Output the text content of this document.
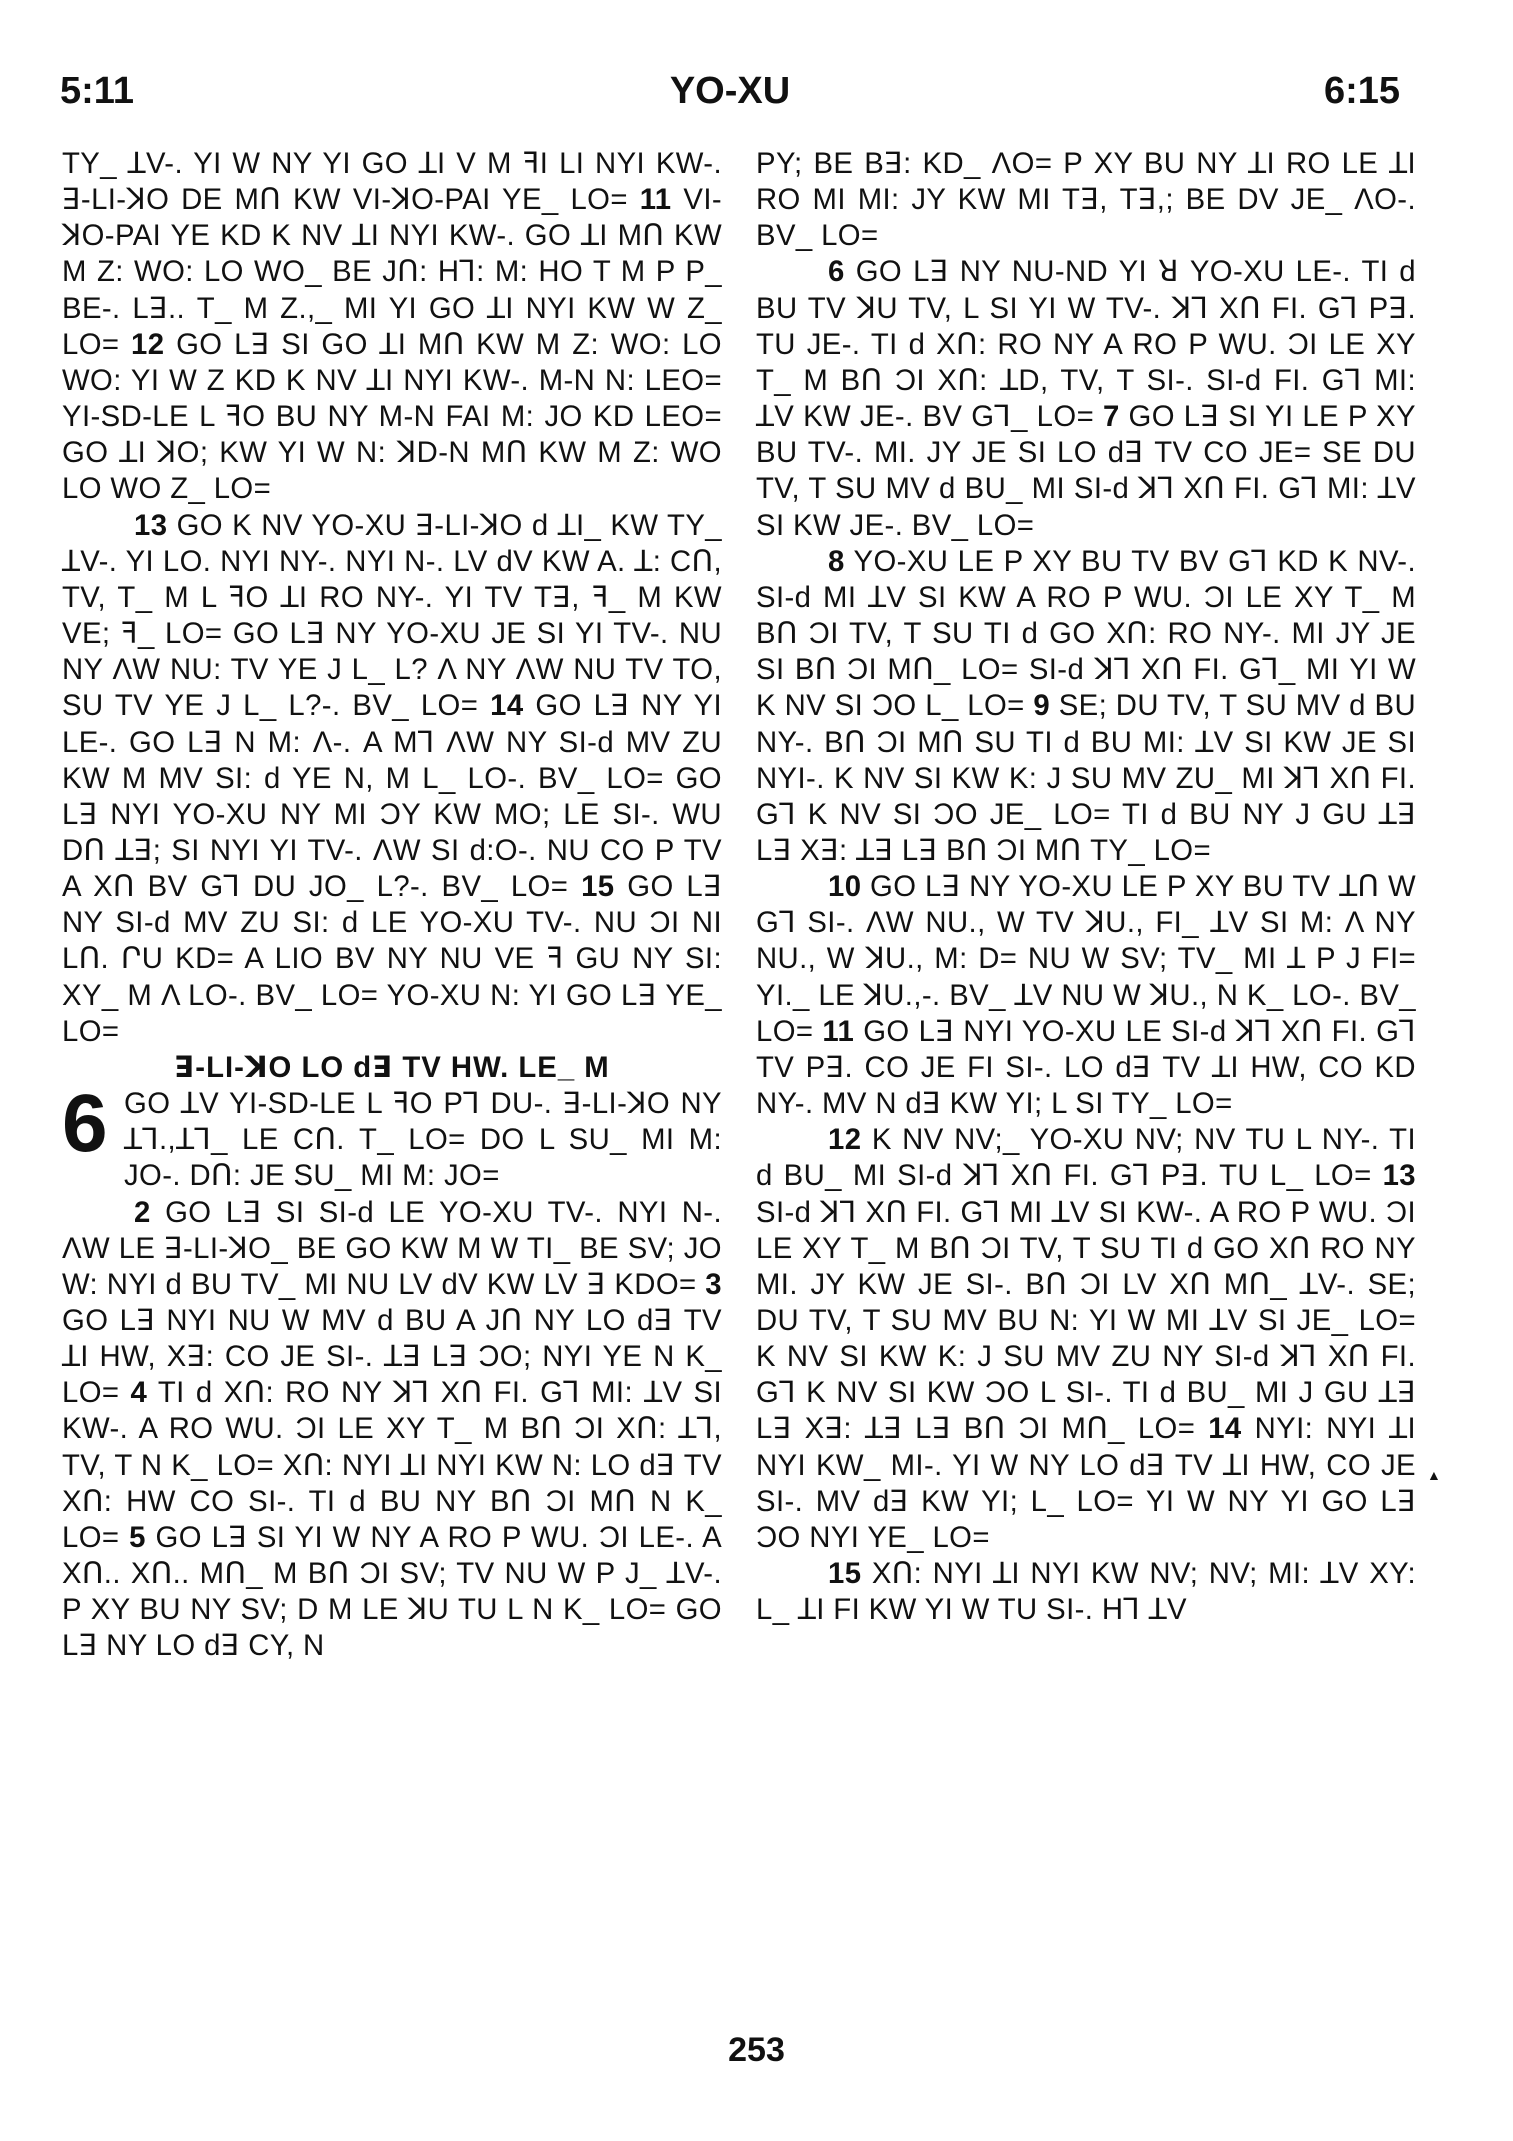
5:11	YO-XU	6:15

TY_ ꓕV-. YI W NY YI GO ꓕI V M ꟻI LI NYI KW-. ꓱ-LI-ꓘO DE MՈ KW VI-ꓘO-PAI YE_ LO= 11 VI-ꓘO-PAI YE KD K NV ꓕI NYI KW-. GO ꓕI MՈ KW M Z: WO: LO WO_ BE JՈ: Hꓶ: M: HO T M P P_ BE-. Lꓱ.. T_ M Z.,_ MI YI GO ꓕI NYI KW W Z_ LO= 12 GO Lꓱ SI GO ꓕI MՈ KW M Z: WO: LO WO: YI W Z KD K NV ꓕI NYI KW-. M-N N: LEO= YI-SD-LE L ꟻO BU NY M-N FAI M: JO KD LEO= GO ꓕI ꓘO; KW YI W N: ꓘD-N MՈ KW M Z: WO LO WO Z_ LO=

13 GO K NV YO-XU ꓱ-LI-ꓘO d ꓕI_ KW TY_ ꓕV-. YI LO. NYI NY-. NYI N-. LV dV KW A. ꓕ: CՈ, TV, T_ M L ꟻO ꓕI RO NY-. YI TV Tꓱ, ꟻ_ M KW VE; ꟻ_ LO= GO Lꓱ NY YO-XU JE SI YI TV-. NU NY ΛW NU: TV YE J L_ L? Λ NY ΛW NU TV TO, SU TV YE J L_ L?-. BV_ LO= 14 GO Lꓱ NY YI LE-. GO Lꓱ N M: Λ-. A Mꓶ ΛW NY SI-d MV ZU KW M MV SI: d YE N, M L_ LO-. BV_ LO= GO Lꓱ NYI YO-XU NY MI ƆY KW MO; LE SI-. WU DՈ ꓕꓱ; SI NYI YI TV-. ΛW SI d:O-. NU CO P TV A XՈ BV Gꓶ DU JO_ L?-. BV_ LO= 15 GO Lꓱ NY SI-d MV ZU SI: d LE YO-XU TV-. NU ƆI NI LՈ. ՐU KD= A LIO BV NY NU VE ꟻ GU NY SI: XY_ M Λ LO-. BV_ LO= YO-XU N: YI GO Lꓱ YE_ LO=

ꓱ-LI-ꓘO LO dꓱ TV HW. LE_ M

6 GO ꓕV YI-SD-LE L ꟻO Pꓶ DU-. ꓱ-LI-ꓘO NY ꓕꓶ.,ꓕꓶ_ LE CՈ. T_ LO= DO L SU_ MI M: JO-. DՈ: JE SU_ MI M: JO=

2 GO Lꓱ SI SI-d LE YO-XU TV-. NYI N-. ΛW LE ꓱ-LI-ꓘO_ BE GO KW M W TI_ BE SV; JO W: NYI d BU TV_ MI NU LV dV KW LV ꓱ KDO= 3 GO Lꓱ NYI NU W MV d BU A JՈ NY LO dꓱ TV ꓕI HW, Xꓱ: CO JE SI-. ꓕꓱ Lꓱ ƆO; NYI YE N K_ LO= 4 TI d XՈ: RO NY ꓘꓶ XՈ FI. Gꓶ MI: ꓕV SI KW-. A RO WU. ƆI LE XY T_ M BՈ ƆI XՈ: ꓕꓶ, TV, T N K_ LO= XՈ: NYI ꓕI NYI KW N: LO dꓱ TV XՈ: HW CO SI-. TI d BU NY BՈ ƆI MՈ N K_ LO= 5 GO Lꓱ SI YI W NY A RO P WU. ƆI LE-. A XՈ.. XՈ.. MՈ_ M BՈ ƆI SV; TV NU W P J_ ꓕV-. P XY BU NY SV; D M LE ꓘU TU L N K_ LO= GO Lꓱ NY LO dꓱ CY, N

PY; BE Bꓱ: KD_ ΛO= P XY BU NY ꓕI RO LE ꓕI RO MI MI: JY KW MI Tꓱ, Tꓱ,; BE DV JE_ ΛO-. BV_ LO=

6 GO Lꓱ NY NU-ND YI ꓤ YO-XU LE-. TI d BU TV ꓘU TV, L SI YI W TV-. ꓘꓶ XՈ FI. Gꓶ Pꓱ. TU JE-. TI d XՈ: RO NY A RO P WU. ƆI LE XY T_ M BՈ ƆI XՈ: ꓕD, TV, T SI-. SI-d FI. Gꓶ MI: ꓕV KW JE-. BV Gꓶ_ LO= 7 GO Lꓱ SI YI LE P XY BU TV-. MI. JY JE SI LO dꓱ TV CO JE= SE DU TV, T SU MV d BU_ MI SI-d ꓘꓶ XՈ FI. Gꓶ MI: ꓕV SI KW JE-. BV_ LO=

8 YO-XU LE P XY BU TV BV Gꓶ KD K NV-. SI-d MI ꓕV SI KW A RO P WU. ƆI LE XY T_ M BՈ ƆI TV, T SU TI d GO XՈ: RO NY-. MI JY JE SI BՈ ƆI MՈ_ LO= SI-d ꓘꓶ XՈ FI. Gꓶ_ MI YI W K NV SI ƆO L_ LO= 9 SE; DU TV, T SU MV d BU NY-. BՈ ƆI MՈ SU TI d BU MI: ꓕV SI KW JE SI NYI-. K NV SI KW K: J SU MV ZU_ MI ꓘꓶ XՈ FI. Gꓶ K NV SI ƆO JE_ LO= TI d BU NY J GU ꓕꓱ Lꓱ Xꓱ: ꓕꓱ Lꓱ BՈ ƆI MՈ TY_ LO=

10 GO Lꓱ NY YO-XU LE P XY BU TV ꓕՈ W Gꓶ SI-. ΛW NU., W TV ꓘU., FI_ ꓕV SI M: Λ NY NU., W ꓘU., M: D= NU W SV; TV_ MI ꓕ P J FI= YI._ LE ꓘU.,-. BV_ ꓕV NU W ꓘU., N K_ LO-. BV_ LO= 11 GO Lꓱ NYI YO-XU LE SI-d ꓘꓶ XՈ FI. Gꓶ TV Pꓱ. CO JE FI SI-. LO dꓱ TV ꓕI HW, CO KD NY-. MV N dꓱ KW YI; L SI TY_ LO=

12 K NV NV;_ YO-XU NV; NV TU L NY-. TI d BU_ MI SI-d ꓘꓶ XՈ FI. Gꓶ Pꓱ. TU L_ LO= 13 SI-d ꓘꓶ XՈ FI. Gꓶ MI ꓕV SI KW-. A RO P WU. ƆI LE XY T_ M BՈ ƆI TV, T SU TI d GO XՈ RO NY MI. JY KW JE SI-. BՈ ƆI LV XՈ MՈ_ ꓕV-. SE; DU TV, T SU MV BU N: YI W MI ꓕV SI JE_ LO= K NV SI KW K: J SU MV ZU NY SI-d ꓘꓶ XՈ FI. Gꓶ K NV SI KW ƆO L SI-. TI d BU_ MI J GU ꓕꓱ Lꓱ Xꓱ: ꓕꓱ Lꓱ BՈ ƆI MՈ_ LO= 14 NYI: NYI ꓕI NYI KW_ MI-. YI W NY LO dꓱ TV ꓕI HW, CO JE SI-. MV dꓱ KW YI; L_ LO= YI W NY YI GO Lꓱ ƆO NYI YE_ LO=

15 XՈ: NYI ꓕI NYI KW NV; NV; MI: ꓕV XY: L_ ꓕI FI KW YI W TU SI-. Hꓶ ꓕV

▲
253
